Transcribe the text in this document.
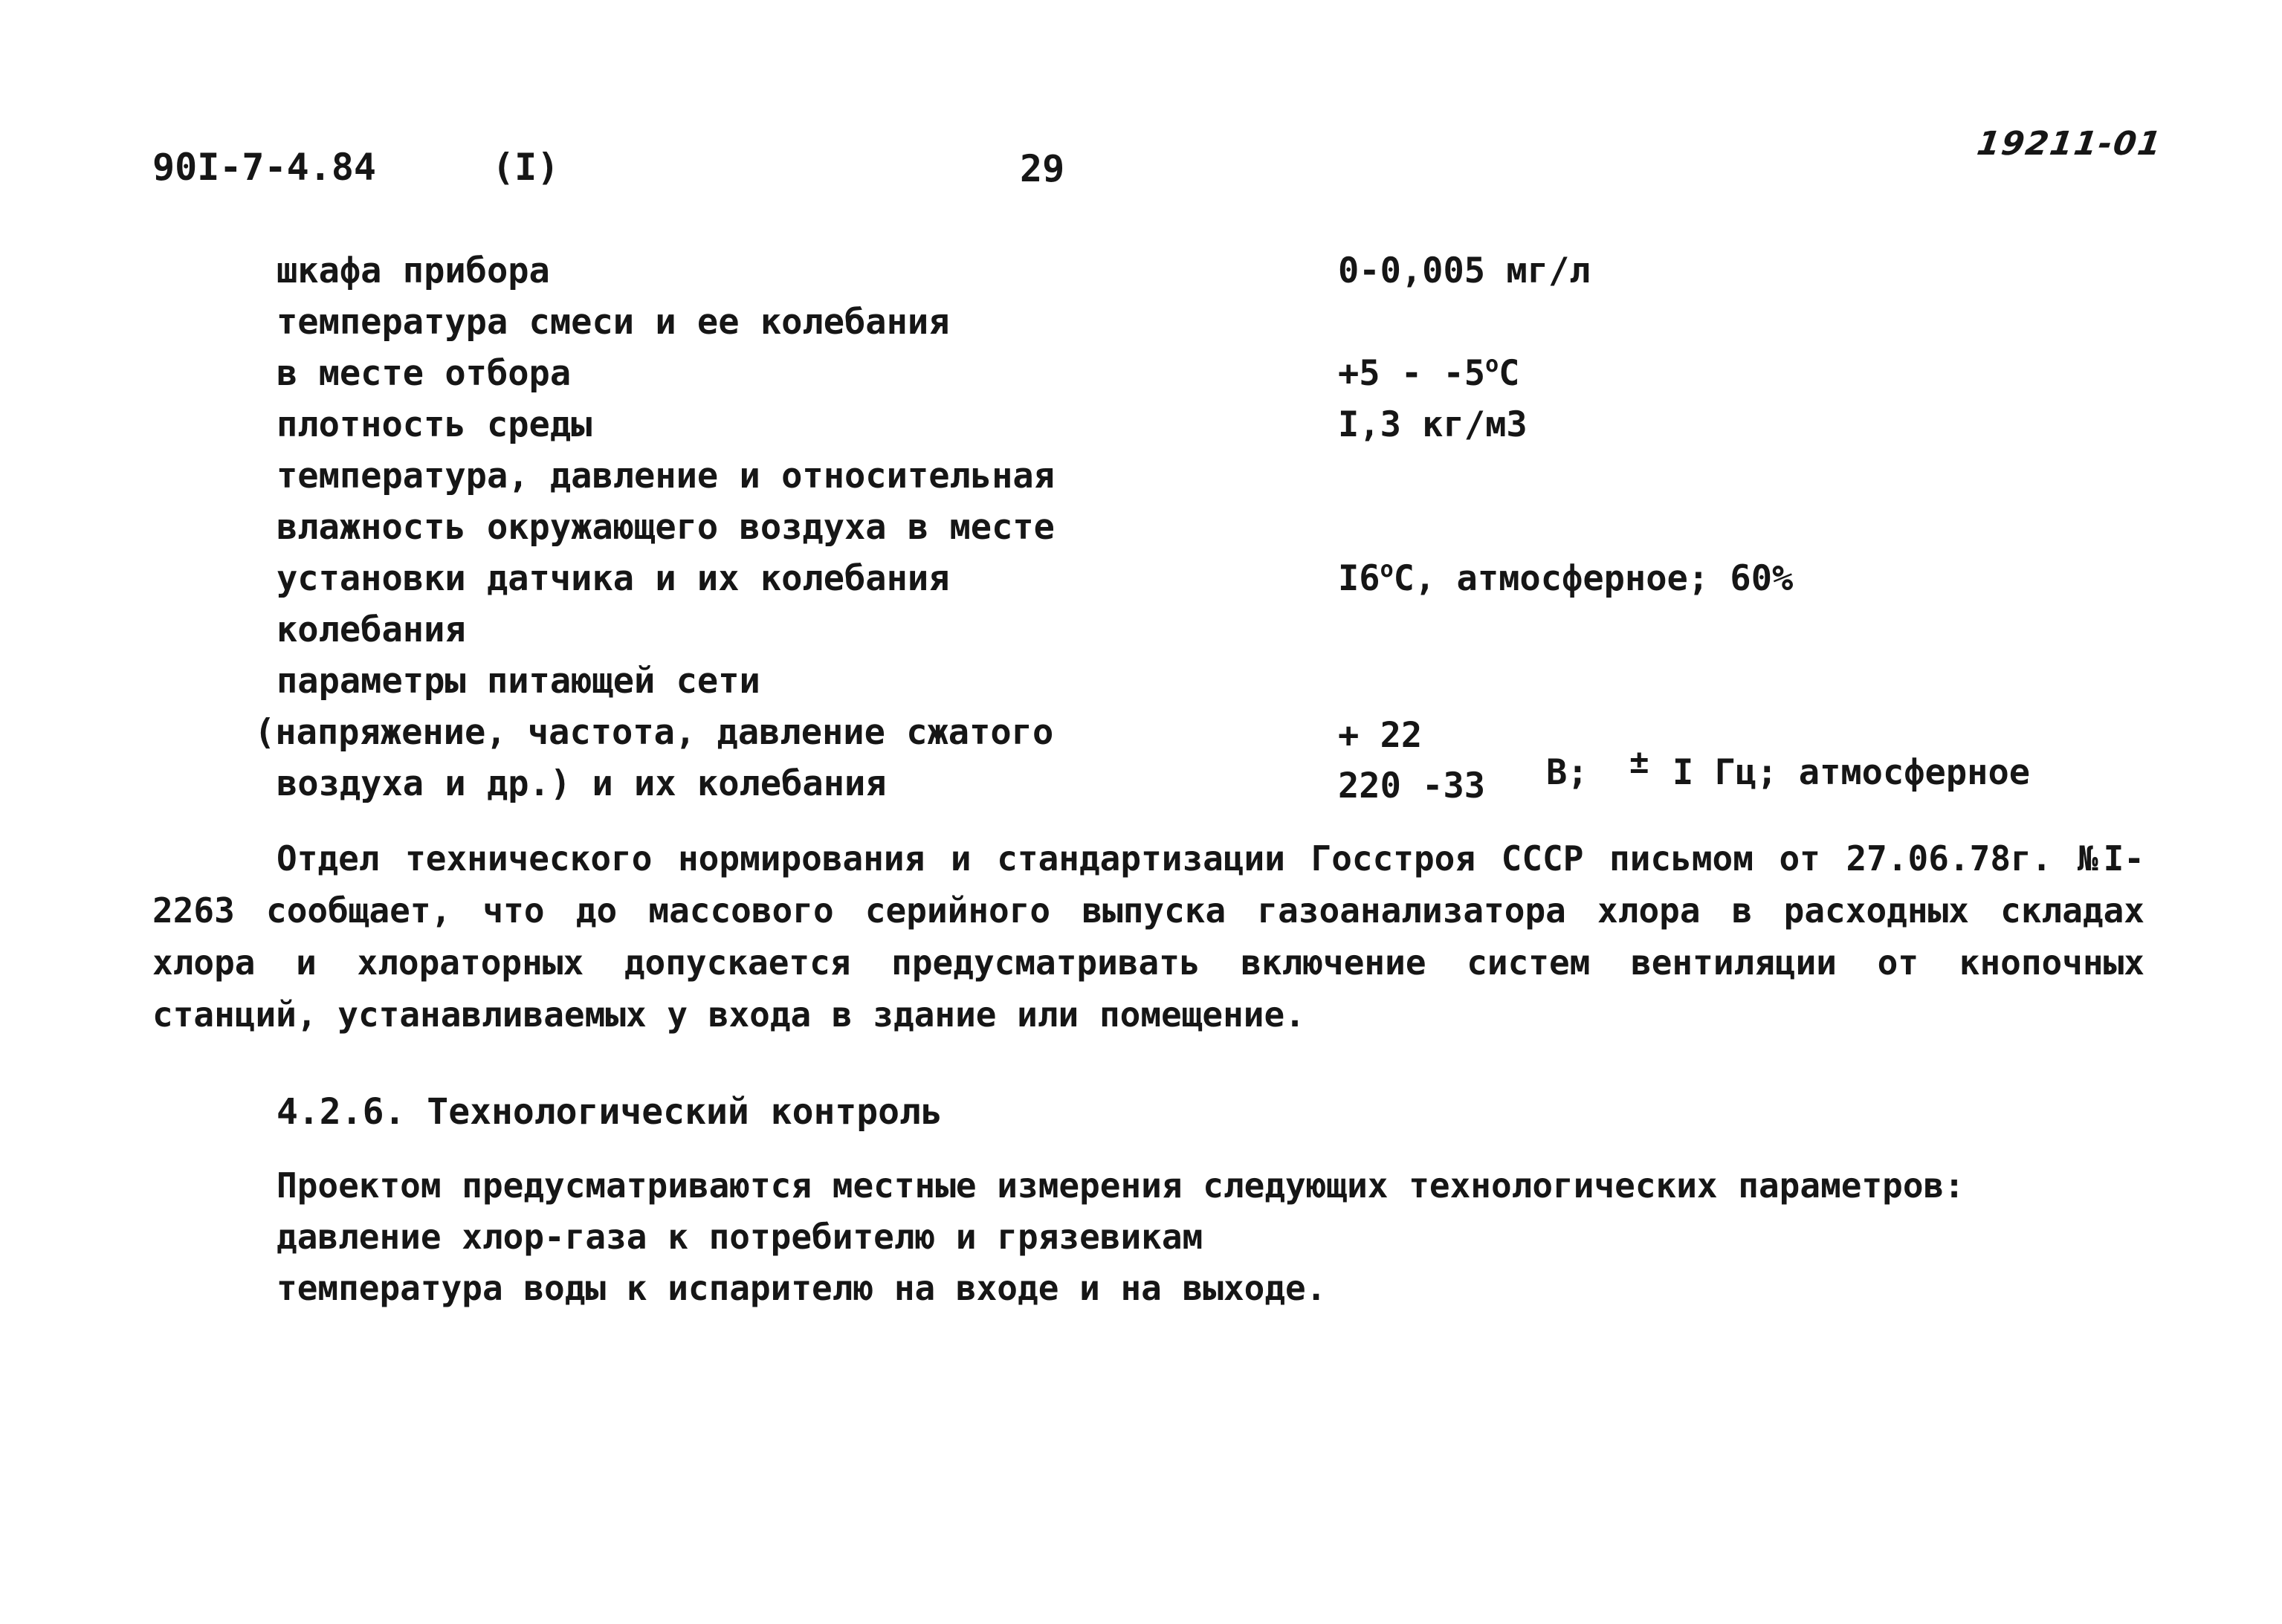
90I-7-4.84	(I)	29
19211-01
шкафа прибора
температура смеси и ее колебания
в месте отбора
плотность среды
температура, давление и относительная
влажность окружающего воздуха в месте
установки датчика и их колебания
колебания
параметры питающей сети
(напряжение, частота, давление сжатого
воздуха и др.) и их колебания
0-0,005 мг/л
+5 - -5$^o$С
I,3 кг/м3
I6$^o$С, атмосферное; 60%
+ 22
220 -33 В; ± I Гц; атмосферное
Отдел технического нормирования и стандартизации Госстроя СССР письмом от 27.06.78г. №I-2263 сообщает, что до массового серийного выпуска газоанализатора хлора в расходных складах хлора и хлораторных допускается предусматривать включение систем вентиляции от кнопочных станций, устанавливаемых у входа в здание или помещение.
4.2.6. Технологический контроль
Проектом предусматриваются местные измерения следующих технологических параметров:
давление хлор-газа к потребителю и грязевикам
температура воды к испарителю на входе и на выходе.
